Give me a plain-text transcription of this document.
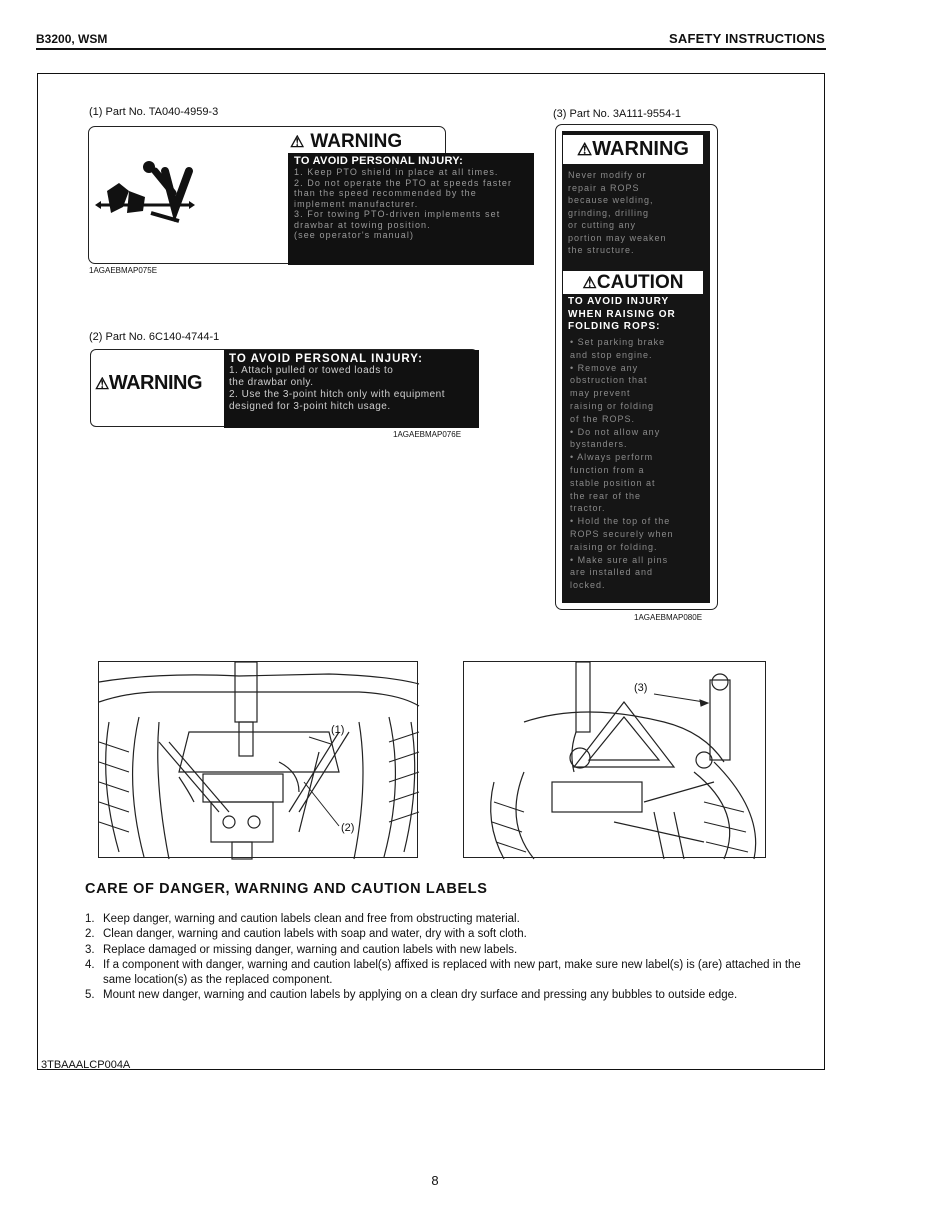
B3200, WSM	SAFETY INSTRUCTIONS
(1) Part No. TA040-4959-3
(2) Part No. 6C140-4744-1
(3) Part No. 3A111-9554-1
⚠ WARNING
TO AVOID PERSONAL INJURY:
1. Keep PTO shield in place at all times.
2. Do not operate the PTO at speeds faster
than the speed recommended by the
implement manufacturer.
3. For towing PTO-driven implements set
drawbar at towing position.
(see operator's manual)
1AGAEBMAP075E
⚠WARNING
TO AVOID PERSONAL INJURY:
1. Attach pulled or towed loads to
the drawbar only.
2. Use the 3-point hitch only with equipment
designed for 3-point hitch usage.
1AGAEBMAP076E
⚠WARNING
Never modify or
repair a ROPS
because welding,
grinding, drilling
or cutting any
portion may weaken
the structure.
⚠CAUTION
TO AVOID INJURY
WHEN RAISING OR
FOLDING ROPS:
• Set parking brake
and stop engine.
• Remove any
obstruction that
may prevent
raising or folding
of the ROPS.
• Do not allow any
bystanders.
• Always perform
function from a
stable position at
the rear of the
tractor.
• Hold the top of the
ROPS securely when
raising or folding.
• Make sure all pins
are installed and
locked.
1AGAEBMAP080E
(1)
(2)
(3)
CARE OF DANGER, WARNING AND CAUTION LABELS
1. Keep danger, warning and caution labels clean and free from obstructing material.
2. Clean danger, warning and caution labels with soap and water, dry with a soft cloth.
3. Replace damaged or missing danger, warning and caution labels with new labels.
4. If a component with danger, warning and caution label(s) affixed is replaced with new part, make sure new label(s) is (are) attached in the same location(s) as the replaced component.
5. Mount new danger, warning and caution labels by applying on a clean dry surface and pressing any bubbles to outside edge.
3TBAAALCP004A
8
